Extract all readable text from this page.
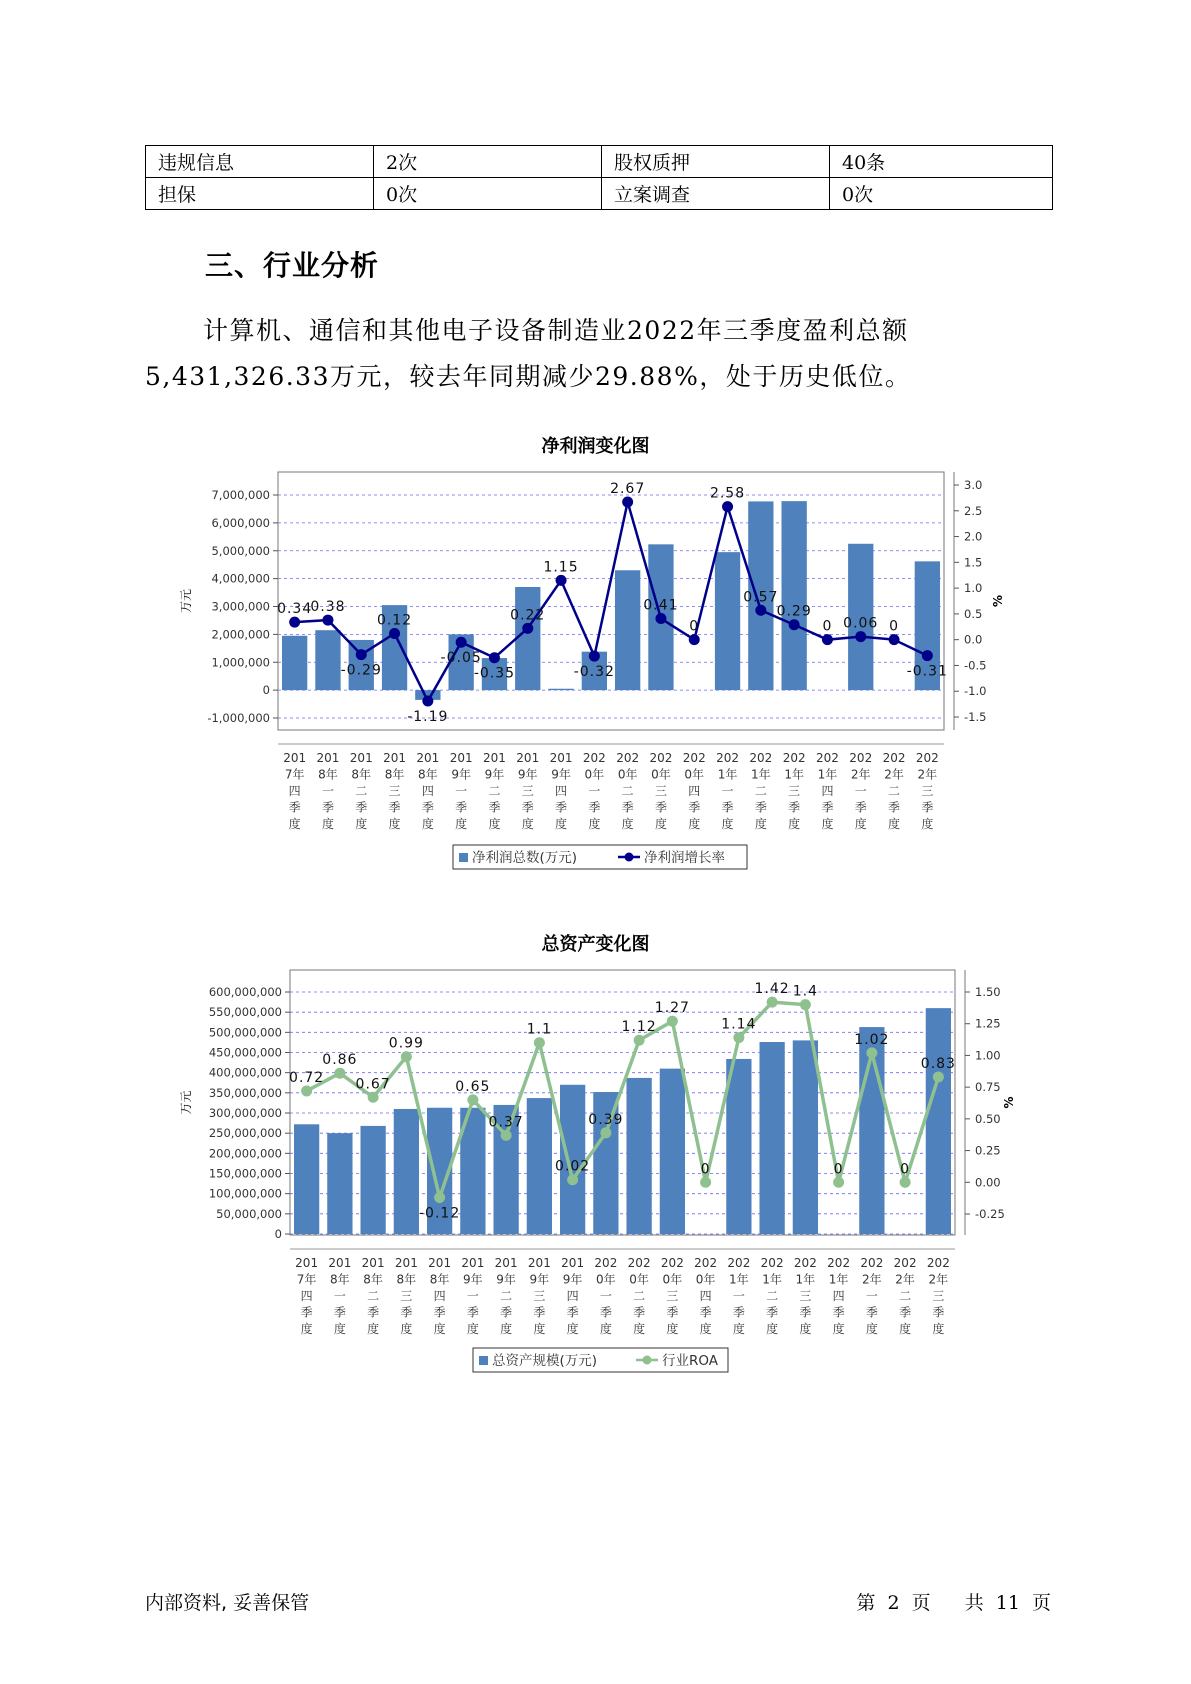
违规信息	2次	股权质押	40条
担保	0次	立案调查	0次
三、行业分析
计算机、通信和其他电子设备制造业2022年三季度盈利总额5,431,326.33万元，较去年同期减少29.88%，处于历史低位。
净利润变化图
-1,000,000
0
1,000,000
2,000,000
3,000,000
4,000,000
5,000,000
6,000,000
7,000,000
-1.5
-1.0
-0.5
0.0
0.5
1.0
1.5
2.0
2.5
3.0
万元	%
0.34
0.38
-0.29
0.12
-1.19
-0.05
-0.35
0.22
1.15
-0.32
2.67
0.41
0
2.58
0.57
0.29
0 0.06 0
-0.31
201 7年四季度
201 8年一季度
201 8年二季度
201 8年三季度
201 8年四季度
201 9年一季度
201 9年二季度
201 9年三季度
201 9年四季度
202 0年一季度
202 0年二季度
202 0年三季度
202 0年四季度
202 1年一季度
202 1年二季度
202 1年三季度
202 1年四季度
202 2年一季度
202 2年二季度
202 2年三季度
净利润总数(万元)	净利润增长率
总资产变化图
0
50,000,000
100,000,000
150,000,000
200,000,000
250,000,000
300,000,000
350,000,000
400,000,000
450,000,000
500,000,000
550,000,000
600,000,000
-0.25
0.00
0.25
0.50
0.75
1.00
1.25
1.50
万元	%
0.72
0.86
0.67
0.99
-0.12
0.65
0.37
1.1
0.02
0.39
1.12
1.27
0
1.14
1.42 1.4
0
1.02
0
0.83
201 7年四季度
201 8年一季度
201 8年二季度
201 8年三季度
201 8年四季度
201 9年一季度
201 9年二季度
201 9年三季度
201 9年四季度
202 0年一季度
202 0年二季度
202 0年三季度
202 0年四季度
202 1年一季度
202 1年二季度
202 1年三季度
202 1年四季度
202 2年一季度
202 2年二季度
202 2年三季度
总资产规模(万元)	行业ROA
内部资料, 妥善保管	第 2 页 共 11 页
